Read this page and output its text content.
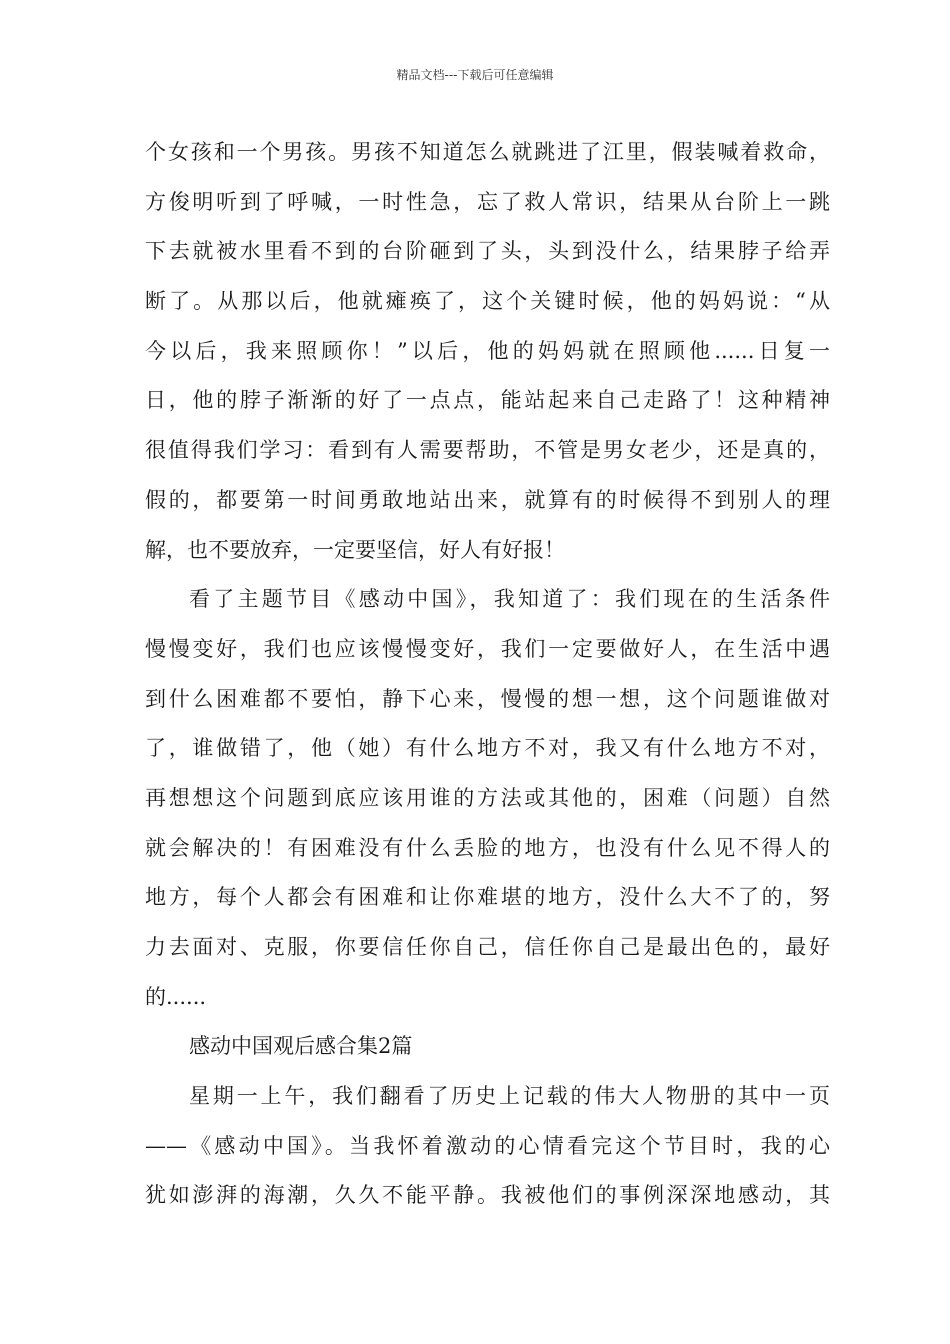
精品文档---下载后可任意编辑
个女孩和一个男孩。男孩不知道怎么就跳进了江里，假装喊着救命，
方俊明听到了呼喊，一时性急，忘了救人常识，结果从台阶上一跳
下去就被水里看不到的台阶砸到了头，头到没什么，结果脖子给弄
断了。从那以后，他就瘫痪了，这个关键时候，他的妈妈说：“从
今以后，我来照顾你！”以后，他的妈妈就在照顾他......日复一
日，他的脖子渐渐的好了一点点，能站起来自己走路了！这种精神
很值得我们学习：看到有人需要帮助，不管是男女老少，还是真的，
假的，都要第一时间勇敢地站出来，就算有的时候得不到别人的理
解，也不要放弃，一定要坚信，好人有好报！
看了主题节目《感动中国》，我知道了：我们现在的生活条件
慢慢变好，我们也应该慢慢变好，我们一定要做好人，在生活中遇
到什么困难都不要怕，静下心来，慢慢的想一想，这个问题谁做对
了，谁做错了，他（她）有什么地方不对，我又有什么地方不对，
再想想这个问题到底应该用谁的方法或其他的，困难（问题）自然
就会解决的！有困难没有什么丢脸的地方，也没有什么见不得人的
地方，每个人都会有困难和让你难堪的地方，没什么大不了的，努
力去面对、克服，你要信任你自己，信任你自己是最出色的，最好
的......
感动中国观后感合集2篇
星期一上午，我们翻看了历史上记载的伟大人物册的其中一页
——《感动中国》。当我怀着激动的心情看完这个节目时，我的心
犹如澎湃的海潮，久久不能平静。我被他们的事例深深地感动，其
